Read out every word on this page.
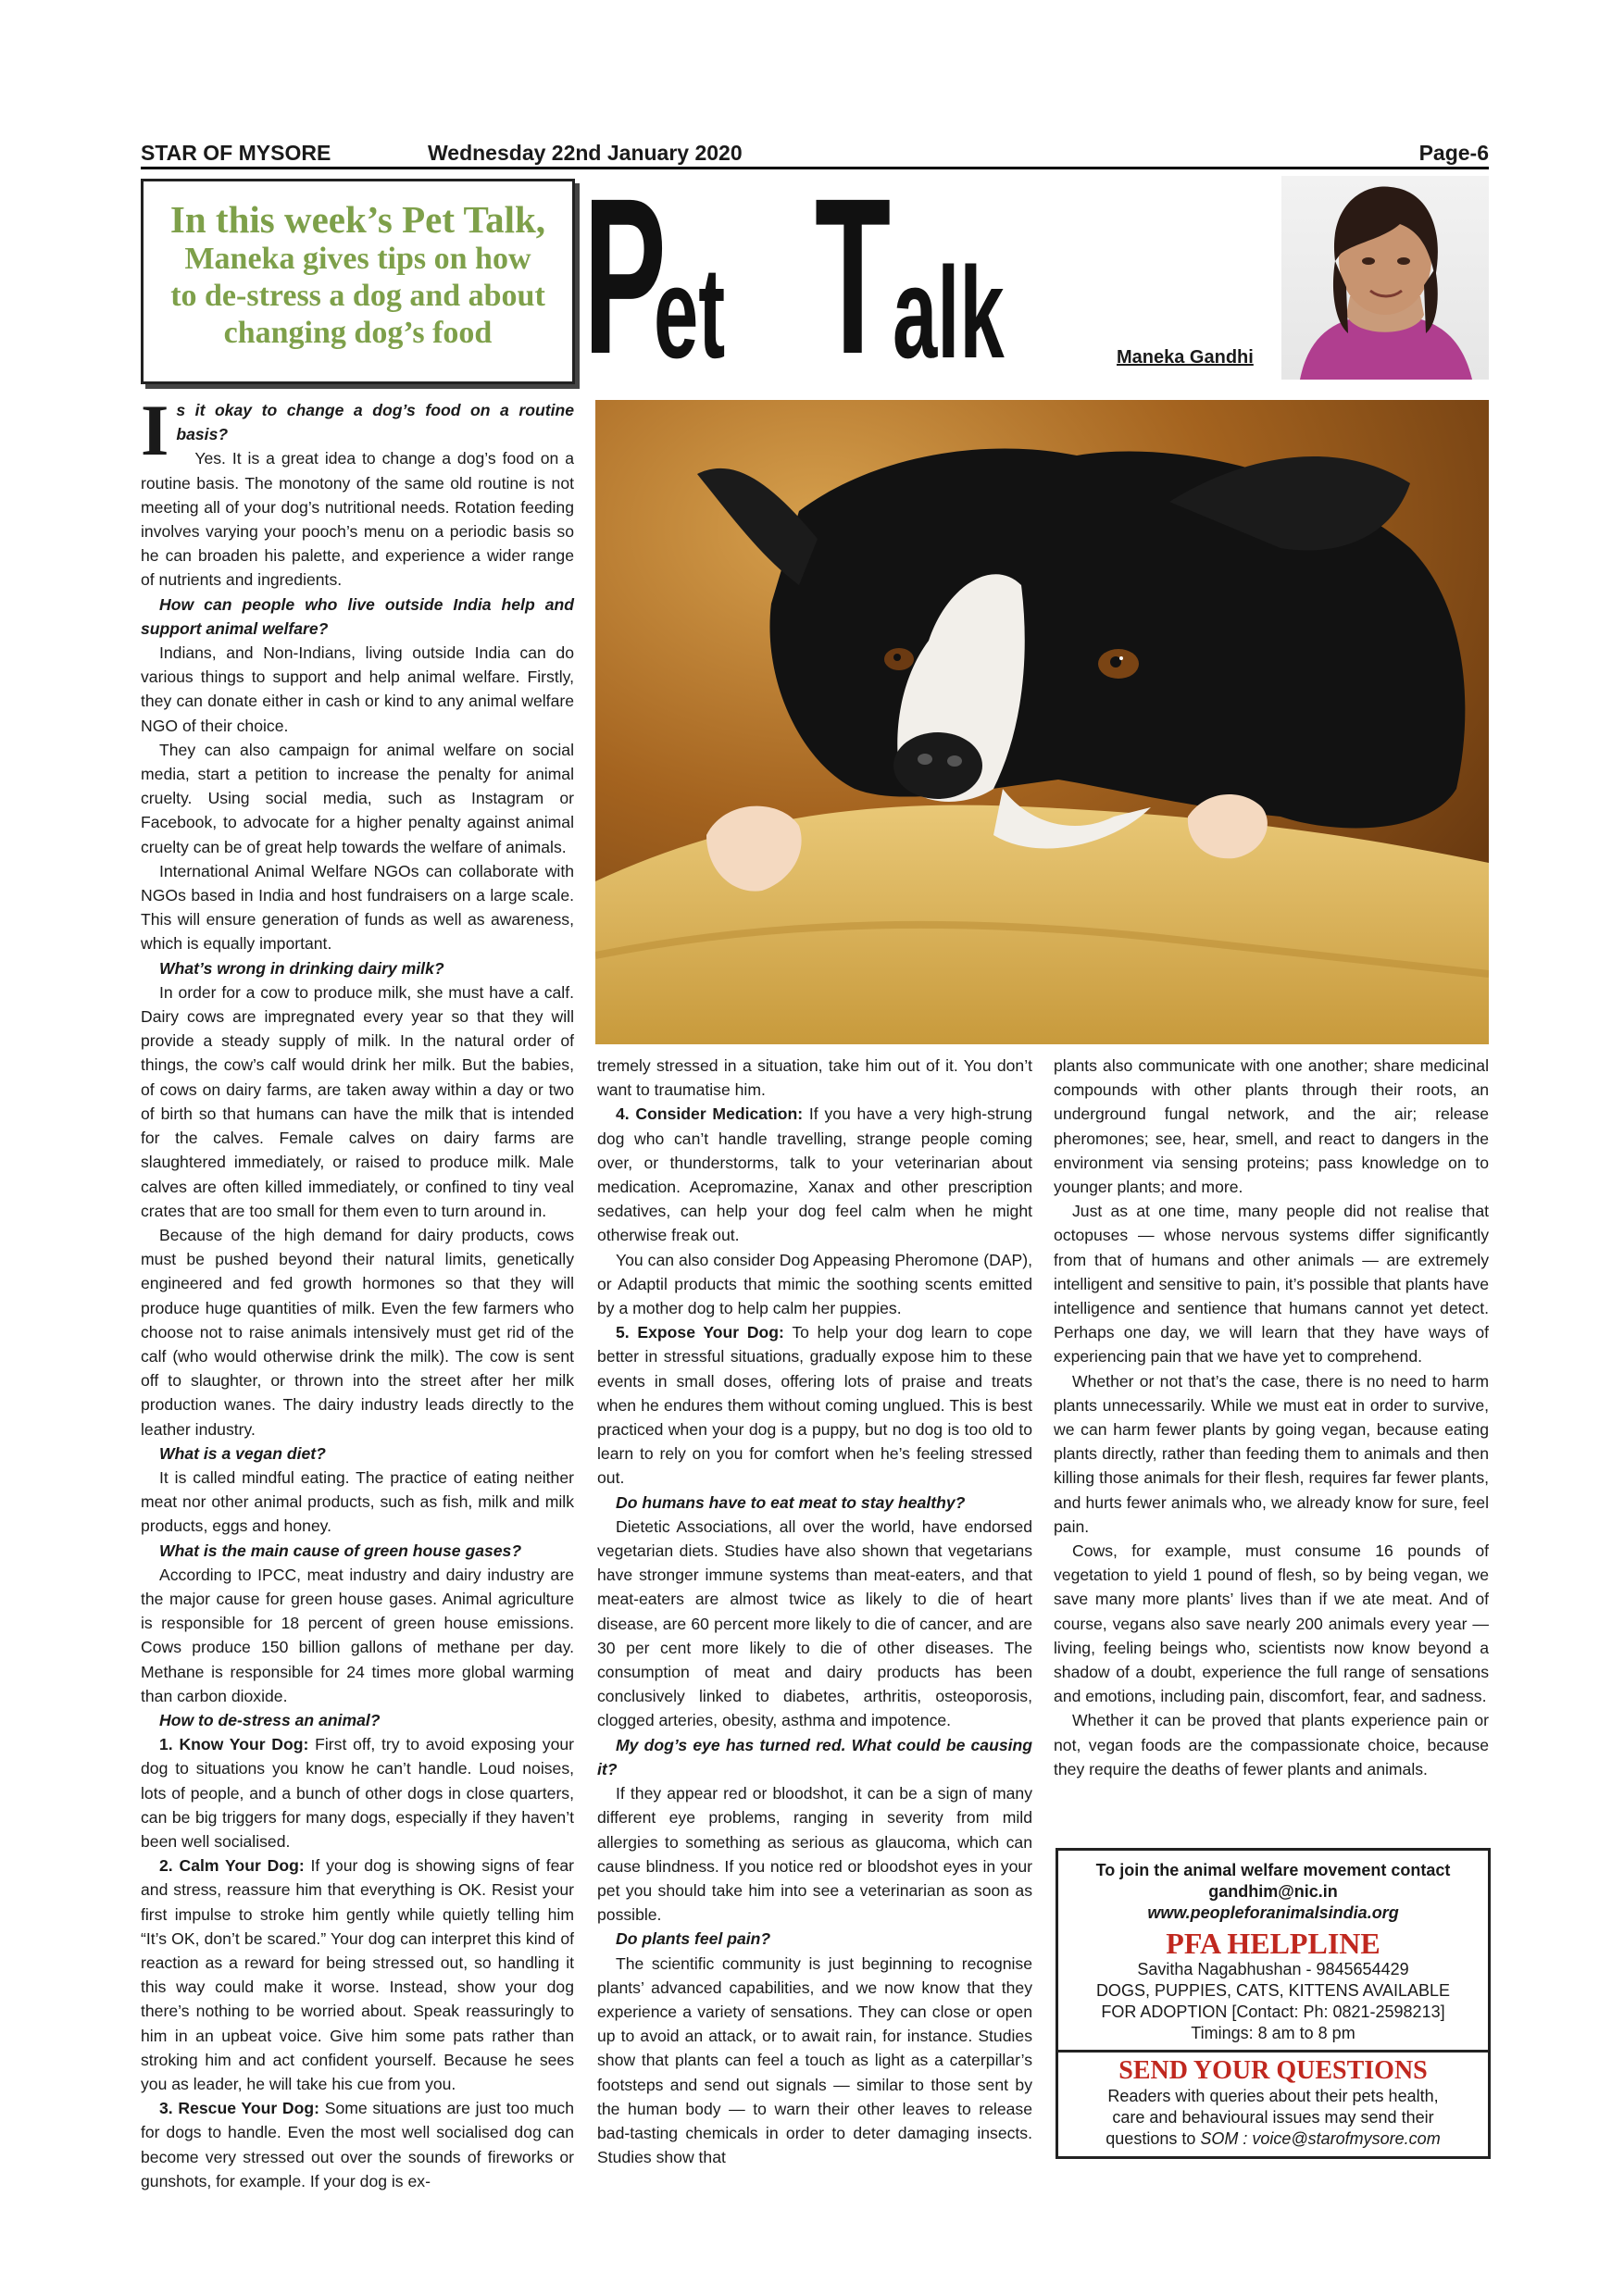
STAR OF MYSORE	Wednesday 22nd January 2020	Page-6
In this week’s Pet Talk,
Maneka gives tips on how
to de-stress a dog and about
changing dog’s food P
et T alk	Maneka Gandhi
I s it okay to change a dog’s food on a routine basis?

Yes. It is a great idea to change a dog’s food on a routine basis. The monotony of the same old routine is not meeting all of your dog’s nutritional needs. Rotation feeding involves varying your pooch’s menu on a periodic basis so he can broaden his palette, and experience a wider range of nutrients and ingredients.

How can people who live outside India help and support animal welfare?

Indians, and Non-Indians, living outside India can do various things to support and help animal welfare. Firstly, they can donate either in cash or kind to any animal welfare NGO of their choice.

They can also campaign for animal welfare on social media, start a petition to increase the penalty for animal cruelty. Using social media, such as Instagram or Facebook, to advocate for a higher penalty against animal cruelty can be of great help towards the welfare of animals.

International Animal Welfare NGOs can collaborate with NGOs based in India and host fundraisers on a large scale. This will ensure generation of funds as well as awareness, which is equally important.

What’s wrong in drinking dairy milk?

In order for a cow to produce milk, she must have a calf. Dairy cows are impregnated every year so that they will provide a steady supply of milk. In the natural order of things, the cow’s calf would drink her milk. But the babies, of cows on dairy farms, are taken away within a day or two of birth so that humans can have the milk that is intended for the calves. Female calves on dairy farms are slaughtered immediately, or raised to produce milk. Male calves are often killed immediately, or confined to tiny veal crates that are too small for them even to turn around in.

Because of the high demand for dairy products, cows must be pushed beyond their natural limits, genetically engineered and fed growth hormones so that they will produce huge quantities of milk. Even the few farmers who choose not to raise animals intensively must get rid of the calf (who would otherwise drink the milk). The cow is sent off to slaughter, or thrown into the street after her milk production wanes. The dairy industry leads directly to the leather industry.

What is a vegan diet?

It is called mindful eating. The practice of eating neither meat nor other animal products, such as fish, milk and milk products, eggs and honey.

What is the main cause of green house gases?

According to IPCC, meat industry and dairy industry are the major cause for green house gases. Animal agriculture is responsible for 18 percent of green house emissions. Cows produce 150 billion gallons of methane per day. Methane is responsible for 24 times more global warming than carbon dioxide.

How to de-stress an animal?

1. Know Your Dog: First off, try to avoid exposing your dog to situations you know he can’t handle. Loud noises, lots of people, and a bunch of other dogs in close quarters, can be big triggers for many dogs, especially if they haven’t been well socialised.

2. Calm Your Dog: If your dog is showing signs of fear and stress, reassure him that everything is OK. Resist your first impulse to stroke him gently while quietly telling him “It’s OK, don’t be scared.” Your dog can interpret this kind of reaction as a reward for being stressed out, so handling it this way could make it worse. Instead, show your dog there’s nothing to be worried about. Speak reassuringly to him in an upbeat voice. Give him some pats rather than stroking him and act confident yourself. Because he sees you as leader, he will take his cue from you.

3. Rescue Your Dog: Some situations are just too much for dogs to handle. Even the most well socialised dog can become very stressed out over the sounds of fireworks or gunshots, for example. If your dog is ex-

tremely stressed in a situation, take him out of it. You don’t want to traumatise him.

4. Consider Medication: If you have a very high-strung dog who can’t handle travelling, strange people coming over, or thunderstorms, talk to your veterinarian about medication. Acepromazine, Xanax and other prescription sedatives, can help your dog feel calm when he might otherwise freak out.

You can also consider Dog Appeasing Pheromone (DAP), or Adaptil products that mimic the soothing scents emitted by a mother dog to help calm her puppies.

5. Expose Your Dog: To help your dog learn to cope better in stressful situations, gradually expose him to these events in small doses, offering lots of praise and treats when he endures them without coming unglued. This is best practiced when your dog is a puppy, but no dog is too old to learn to rely on you for comfort when he’s feeling stressed out.

Do humans have to eat meat to stay healthy?

Dietetic Associations, all over the world, have endorsed vegetarian diets. Studies have also shown that vegetarians have stronger immune systems than meat-eaters, and that meat-eaters are almost twice as likely to die of heart disease, are 60 percent more likely to die of cancer, and are 30 per cent more likely to die of other diseases. The consumption of meat and dairy products has been conclusively linked to diabetes, arthritis, osteoporosis, clogged arteries, obesity, asthma and impotence.

My dog’s eye has turned red. What could be causing it?

If they appear red or bloodshot, it can be a sign of many different eye problems, ranging in severity from mild allergies to something as serious as glaucoma, which can cause blindness. If you notice red or bloodshot eyes in your pet you should take him into see a veterinarian as soon as possible.

Do plants feel pain?

The scientific community is just beginning to recognise plants’ advanced capabilities, and we now know that they experience a variety of sensations. They can close or open up to avoid an attack, or to await rain, for instance. Studies show that plants can feel a touch as light as a caterpillar’s footsteps and send out signals — similar to those sent by the human body — to warn their other leaves to release bad-tasting chemicals in order to deter damaging insects. Studies show that

plants also communicate with one another; share medicinal compounds with other plants through their roots, an underground fungal network, and the air; release pheromones; see, hear, smell, and react to dangers in the environment via sensing proteins; pass knowledge on to younger plants; and more.

Just as at one time, many people did not realise that octopuses — whose nervous systems differ significantly from that of humans and other animals — are extremely intelligent and sensitive to pain, it’s possible that plants have intelligence and sentience that humans cannot yet detect. Perhaps one day, we will learn that they have ways of experiencing pain that we have yet to comprehend.

Whether or not that’s the case, there is no need to harm plants unnecessarily. While we must eat in order to survive, we can harm fewer plants by going vegan, because eating plants directly, rather than feeding them to animals and then killing those animals for their flesh, requires far fewer plants, and hurts fewer animals who, we already know for sure, feel pain.

Cows, for example, must consume 16 pounds of vegetation to yield 1 pound of flesh, so by being vegan, we save many more plants’ lives than if we ate meat. And of course, vegans also save nearly 200 animals every year — living, feeling beings who, scientists now know beyond a shadow of a doubt, experience the full range of sensations and emotions, including pain, discomfort, fear, and sadness.

Whether it can be proved that plants experience pain or not, vegan foods are the compassionate choice, because they require the deaths of fewer plants and animals.

To join the animal welfare movement contact
gandhim@nic.in
www.peopleforanimalsindia.org
PFA HELPLINE
Savitha Nagabhushan - 9845654429
DOGS, PUPPIES, CATS, KITTENS AVAILABLE
FOR ADOPTION [Contact: Ph: 0821-2598213]
Timings: 8 am to 8 pm
SEND YOUR QUESTIONS
Readers with queries about their pets health,
care and behavioural issues may send their
questions to SOM : voice@starofmysore.com
